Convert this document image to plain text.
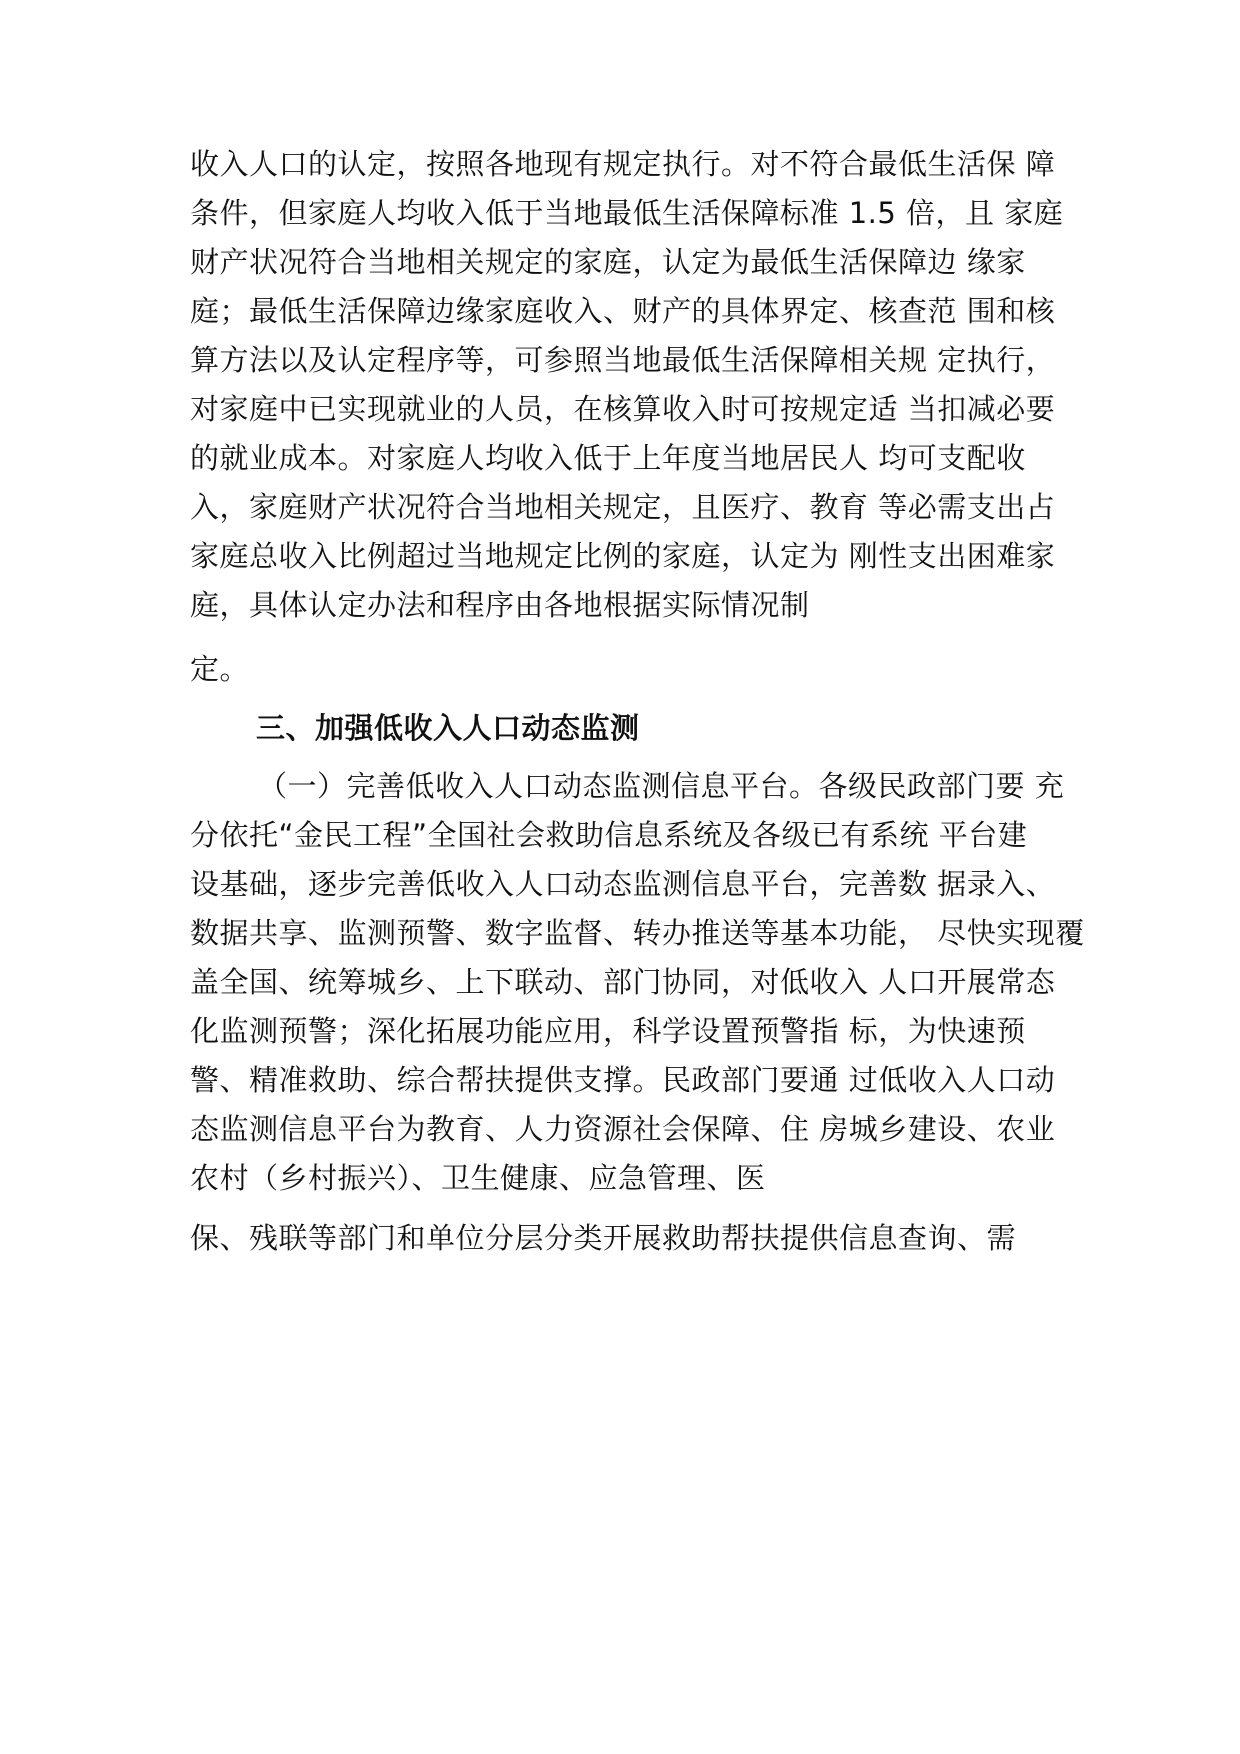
收入人口的认定，按照各地现有规定执行。对不符合最低生活保 障

条件，但家庭人均收入低于当地最低生活保障标准 1.5 倍，且 家庭

财产状况符合当地相关规定的家庭，认定为最低生活保障边 缘家

庭；最低生活保障边缘家庭收入、财产的具体界定、核查范 围和核

算方法以及认定程序等，可参照当地最低生活保障相关规 定执行，

对家庭中已实现就业的人员，在核算收入时可按规定适 当扣减必要

的就业成本。对家庭人均收入低于上年度当地居民人 均可支配收

入，家庭财产状况符合当地相关规定，且医疗、教育 等必需支出占

家庭总收入比例超过当地规定比例的家庭，认定为 刚性支出困难家

庭，具体认定办法和程序由各地根据实际情况制

定。

三、加强低收入人口动态监测

（一）完善低收入人口动态监测信息平台。各级民政部门要 充

分依托“金民工程”全国社会救助信息系统及各级已有系统 平台建

设基础，逐步完善低收入人口动态监测信息平台，完善数 据录入、

数据共享、监测预警、数字监督、转办推送等基本功能， 尽快实现覆

盖全国、统筹城乡、上下联动、部门协同，对低收入 人口开展常态

化监测预警；深化拓展功能应用，科学设置预警指 标，为快速预

警、精准救助、综合帮扶提供支撑。民政部门要通 过低收入人口动

态监测信息平台为教育、人力资源社会保障、住 房城乡建设、农业

农村（乡村振兴）、卫生健康、应急管理、医

保、残联等部门和单位分层分类开展救助帮扶提供信息查询、需
